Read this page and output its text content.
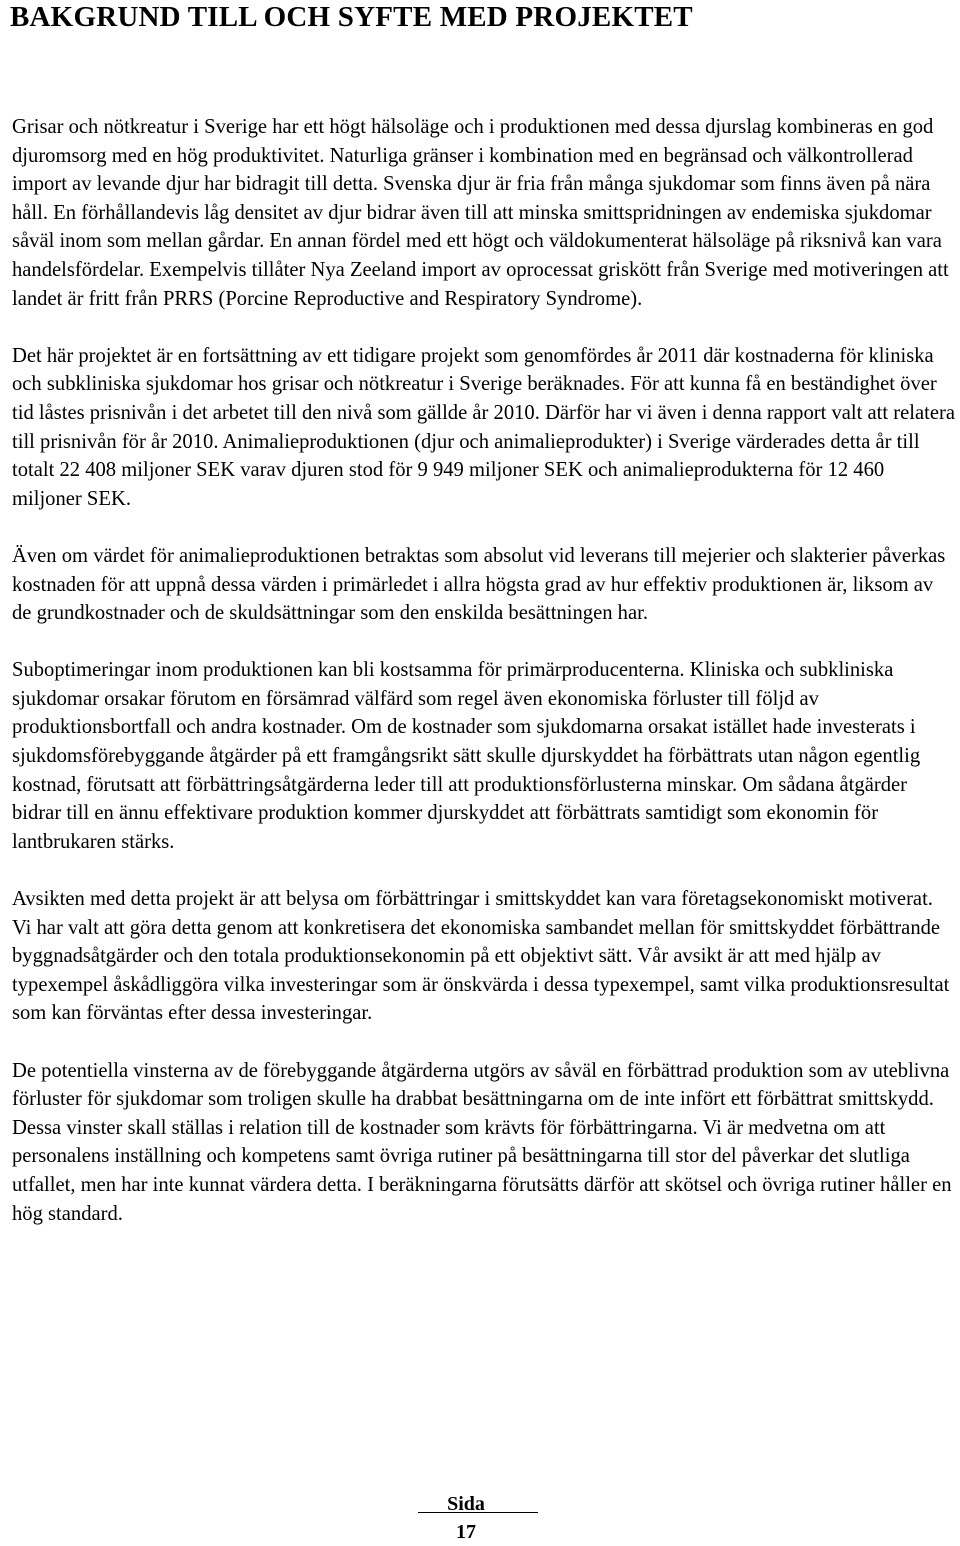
BAKGRUND TILL OCH SYFTE MED PROJEKTET

Grisar och nötkreatur i Sverige har ett högt hälsoläge och i produktionen med dessa djurslag kombineras en god djuromsorg med en hög produktivitet. Naturliga gränser i kombination med en begränsad och välkontrollerad import av levande djur har bidragit till detta. Svenska djur är fria från många sjukdomar som finns även på nära håll. En förhållandevis låg densitet av djur bidrar även till att minska smittspridningen av endemiska sjukdomar såväl inom som mellan gårdar. En annan fördel med ett högt och väldokumenterat hälsoläge på riksnivå kan vara handelsfördelar. Exempelvis tillåter Nya Zeeland import av oprocessat griskött från Sverige med motiveringen att landet är fritt från PRRS (Porcine Reproductive and Respiratory Syndrome).

Det här projektet är en fortsättning av ett tidigare projekt som genomfördes år 2011 där kostnaderna för kliniska och subkliniska sjukdomar hos grisar och nötkreatur i Sverige beräknades. För att kunna få en beständighet över tid låstes prisnivån i det arbetet till den nivå som gällde år 2010. Därför har vi även i denna rapport valt att relatera till prisnivån för år 2010. Animalieproduktionen (djur och animalieprodukter) i Sverige värderades detta år till totalt 22 408 miljoner SEK varav djuren stod för 9 949 miljoner SEK och animalieprodukterna för 12 460 miljoner SEK.

Även om värdet för animalieproduktionen betraktas som absolut vid leverans till mejerier och slakterier påverkas kostnaden för att uppnå dessa värden i primärledet i allra högsta grad av hur effektiv produktionen är, liksom av de grundkostnader och de skuldsättningar som den enskilda besättningen har.

Suboptimeringar inom produktionen kan bli kostsamma för primärproducenterna. Kliniska och subkliniska sjukdomar orsakar förutom en försämrad välfärd som regel även ekonomiska förluster till följd av produktionsbortfall och andra kostnader. Om de kostnader som sjukdomarna orsakat istället hade investerats i sjukdomsförebyggande åtgärder på ett framgångsrikt sätt skulle djurskyddet ha förbättrats utan någon egentlig kostnad, förutsatt att förbättringsåtgärderna leder till att produktionsförlusterna minskar. Om sådana åtgärder bidrar till en ännu effektivare produktion kommer djurskyddet att förbättrats samtidigt som ekonomin för lantbrukaren stärks.

Avsikten med detta projekt är att belysa om förbättringar i smittskyddet kan vara företagsekonomiskt motiverat. Vi har valt att göra detta genom att konkretisera det ekonomiska sambandet mellan för smittskyddet förbättrande byggnadsåtgärder och den totala produktionsekonomin på ett objektivt sätt. Vår avsikt är att med hjälp av typexempel åskådliggöra vilka investeringar som är önskvärda i dessa typexempel, samt vilka produktionsresultat som kan förväntas efter dessa investeringar.

De potentiella vinsterna av de förebyggande åtgärderna utgörs av såväl en förbättrad produktion som av uteblivna förluster för sjukdomar som troligen skulle ha drabbat besättningarna om de inte infört ett förbättrat smittskydd. Dessa vinster skall ställas i relation till de kostnader som krävts för förbättringarna. Vi är medvetna om att personalens inställning och kompetens samt övriga rutiner på besättningarna till stor del påverkar det slutliga utfallet, men har inte kunnat värdera detta. I beräkningarna förutsätts därför att skötsel och övriga rutiner håller en hög standard.

Sida
17
